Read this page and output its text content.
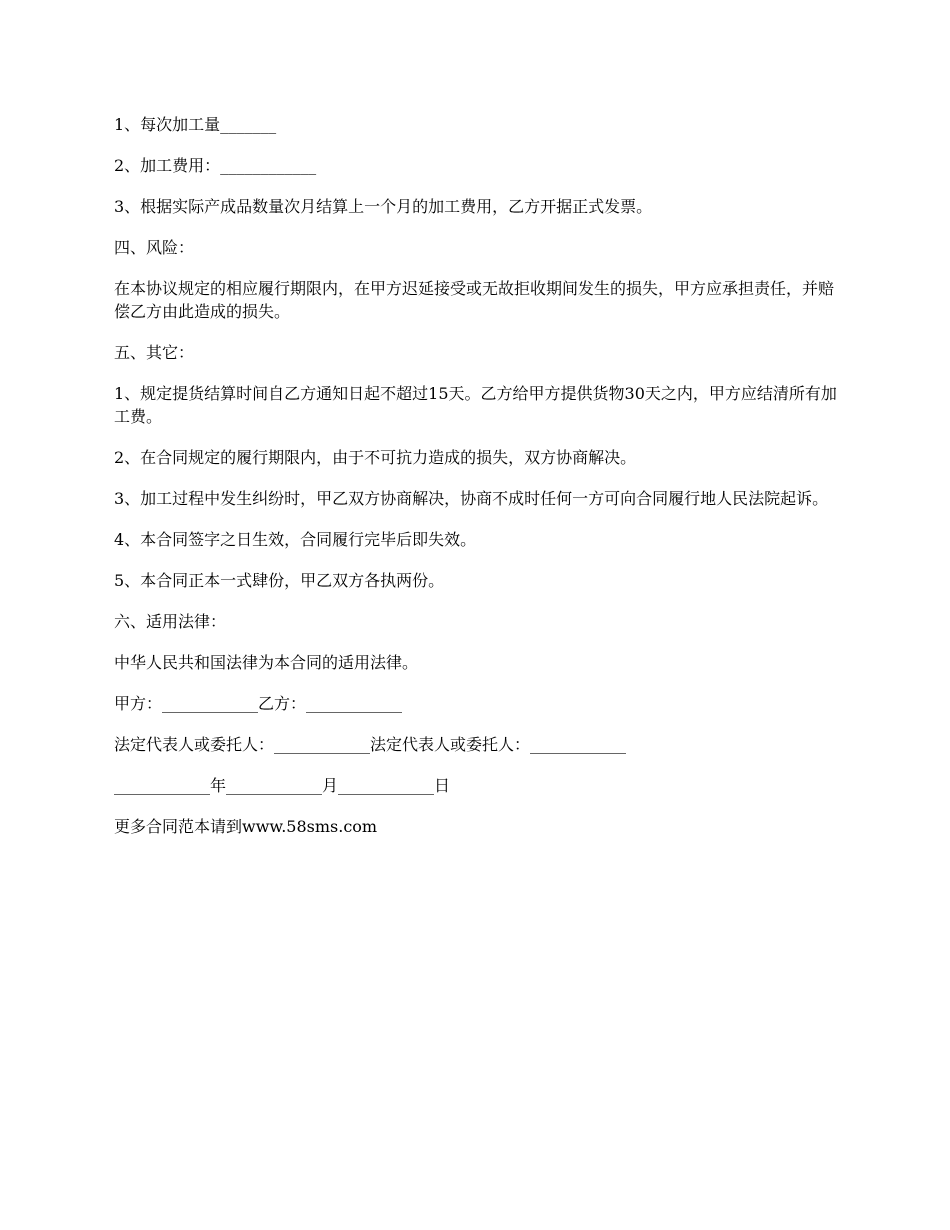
1、每次加工量_______

2、加工费用：____________

3、根据实际产成品数量次月结算上一个月的加工费用，乙方开据正式发票。

四、风险：

在本协议规定的相应履行期限内，在甲方迟延接受或无故拒收期间发生的损失，甲方应承担责任，并赔偿乙方由此造成的损失。

五、其它：

1、规定提货结算时间自乙方通知日起不超过15天。乙方给甲方提供货物30天之内，甲方应结清所有加工费。

2、在合同规定的履行期限内，由于不可抗力造成的损失，双方协商解决。

3、加工过程中发生纠纷时，甲乙双方协商解决，协商不成时任何一方可向合同履行地人民法院起诉。

4、本合同签字之日生效，合同履行完毕后即失效。

5、本合同正本一式肆份，甲乙双方各执两份。

六、适用法律：

中华人民共和国法律为本合同的适用法律。

甲方：____________乙方：____________

法定代表人或委托人：____________法定代表人或委托人：____________

____________年____________月____________日

更多合同范本请到www.58sms.com
